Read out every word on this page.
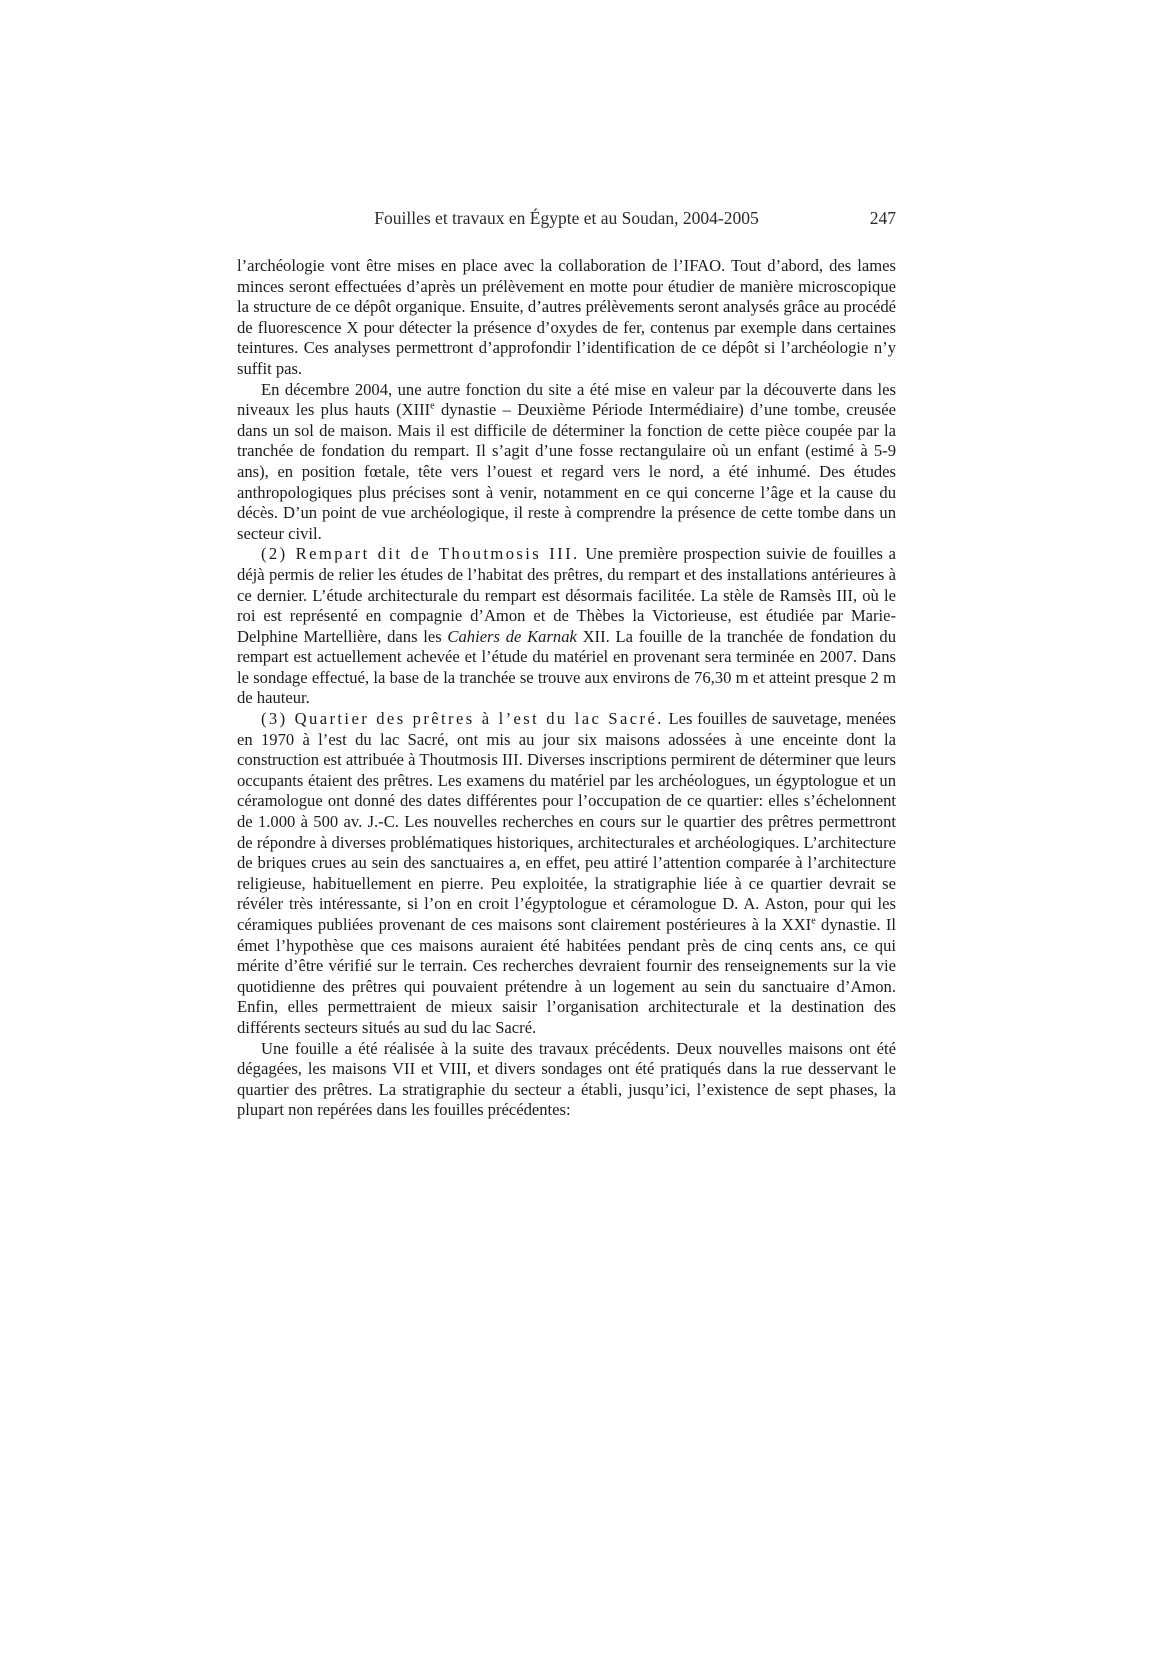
Fouilles et travaux en Égypte et au Soudan, 2004-2005	247

l’archéologie vont être mises en place avec la collaboration de l’IFAO. Tout d’abord, des lames minces seront effectuées d’après un prélèvement en motte pour étudier de manière microscopique la structure de ce dépôt organique. Ensuite, d’autres prélèvements seront analysés grâce au procédé de fluorescence X pour détecter la présence d’oxydes de fer, contenus par exemple dans certaines teintures. Ces analyses permettront d’approfondir l’identification de ce dépôt si l’archéologie n’y suffit pas.

En décembre 2004, une autre fonction du site a été mise en valeur par la découverte dans les niveaux les plus hauts (XIIIe dynastie – Deuxième Période Intermédiaire) d’une tombe, creusée dans un sol de maison. Mais il est difficile de déterminer la fonction de cette pièce coupée par la tranchée de fondation du rempart. Il s’agit d’une fosse rectangulaire où un enfant (estimé à 5-9 ans), en position fœtale, tête vers l’ouest et regard vers le nord, a été inhumé. Des études anthropologiques plus précises sont à venir, notamment en ce qui concerne l’âge et la cause du décès. D’un point de vue archéologique, il reste à comprendre la présence de cette tombe dans un secteur civil.

(2) Rempart dit de Thoutmosis III. Une première prospection suivie de fouilles a déjà permis de relier les études de l’habitat des prêtres, du rempart et des installations antérieures à ce dernier. L’étude architecturale du rempart est désormais facilitée. La stèle de Ramsès III, où le roi est représenté en compagnie d’Amon et de Thèbes la Victorieuse, est étudiée par Marie-Delphine Martellière, dans les Cahiers de Karnak XII. La fouille de la tranchée de fondation du rempart est actuellement achevée et l’étude du matériel en provenant sera terminée en 2007. Dans le sondage effectué, la base de la tranchée se trouve aux environs de 76,30 m et atteint presque 2 m de hauteur.

(3) Quartier des prêtres à l’est du lac Sacré. Les fouilles de sauvetage, menées en 1970 à l’est du lac Sacré, ont mis au jour six maisons adossées à une enceinte dont la construction est attribuée à Thoutmosis III. Diverses inscriptions permirent de déterminer que leurs occupants étaient des prêtres. Les examens du matériel par les archéologues, un égyptologue et un céramologue ont donné des dates différentes pour l’occupation de ce quartier: elles s’échelonnent de 1.000 à 500 av. J.-C. Les nouvelles recherches en cours sur le quartier des prêtres permettront de répondre à diverses problématiques historiques, architecturales et archéologiques. L’architecture de briques crues au sein des sanctuaires a, en effet, peu attiré l’attention comparée à l’architecture religieuse, habituellement en pierre. Peu exploitée, la stratigraphie liée à ce quartier devrait se révéler très intéressante, si l’on en croit l’égyptologue et céramologue D. A. Aston, pour qui les céramiques publiées provenant de ces maisons sont clairement postérieures à la XXIe dynastie. Il émet l’hypothèse que ces maisons auraient été habitées pendant près de cinq cents ans, ce qui mérite d’être vérifié sur le terrain. Ces recherches devraient fournir des renseignements sur la vie quotidienne des prêtres qui pouvaient prétendre à un logement au sein du sanctuaire d’Amon. Enfin, elles permettraient de mieux saisir l’organisation architecturale et la destination des différents secteurs situés au sud du lac Sacré.

Une fouille a été réalisée à la suite des travaux précédents. Deux nouvelles maisons ont été dégagées, les maisons VII et VIII, et divers sondages ont été pratiqués dans la rue desservant le quartier des prêtres. La stratigraphie du secteur a établi, jusqu’ici, l’existence de sept phases, la plupart non repérées dans les fouilles précédentes:
